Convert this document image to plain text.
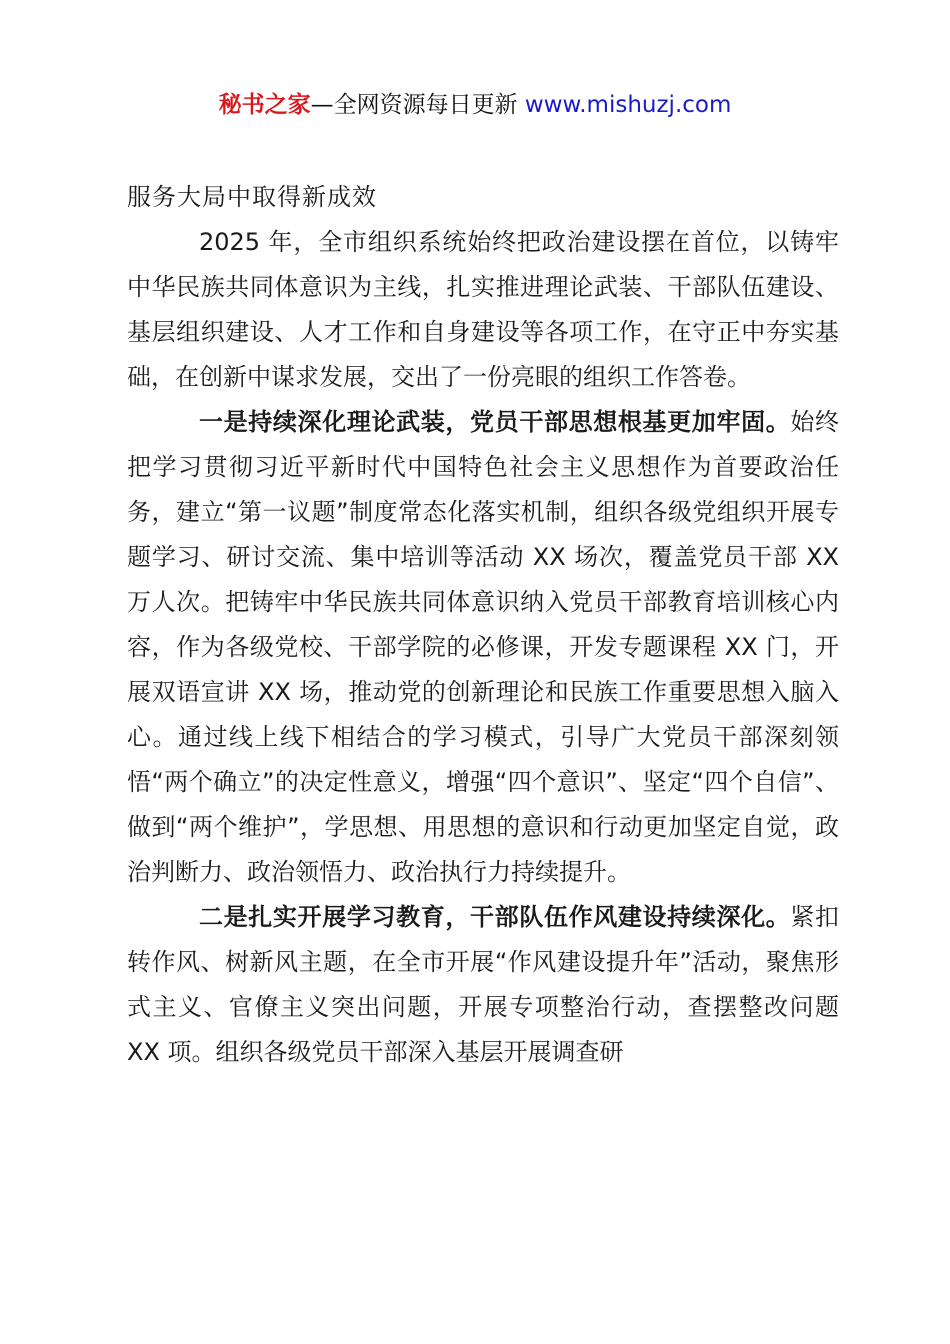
秘书之家—全网资源每日更新 www.mishuzj.com

服务大局中取得新成效

2025 年，全市组织系统始终把政治建设摆在首位，以铸牢中华民族共同体意识为主线，扎实推进理论武装、干部队伍建设、基层组织建设、人才工作和自身建设等各项工作，在守正中夯实基础，在创新中谋求发展，交出了一份亮眼的组织工作答卷。

一是持续深化理论武装，党员干部思想根基更加牢固。始终把学习贯彻习近平新时代中国特色社会主义思想作为首要政治任务，建立“第一议题”制度常态化落实机制，组织各级党组织开展专题学习、研讨交流、集中培训等活动 XX 场次，覆盖党员干部 XX 万人次。把铸牢中华民族共同体意识纳入党员干部教育培训核心内容，作为各级党校、干部学院的必修课，开发专题课程 XX 门，开展双语宣讲 XX 场，推动党的创新理论和民族工作重要思想入脑入心。通过线上线下相结合的学习模式，引导广大党员干部深刻领悟“两个确立”的决定性意义，增强“四个意识”、坚定“四个自信”、做到“两个维护”，学思想、用思想的意识和行动更加坚定自觉，政治判断力、政治领悟力、政治执行力持续提升。

二是扎实开展学习教育，干部队伍作风建设持续深化。紧扣转作风、树新风主题，在全市开展“作风建设提升年”活动，聚焦形式主义、官僚主义突出问题，开展专项整治行动，查摆整改问题 XX 项。组织各级党员干部深入基层开展调查研
